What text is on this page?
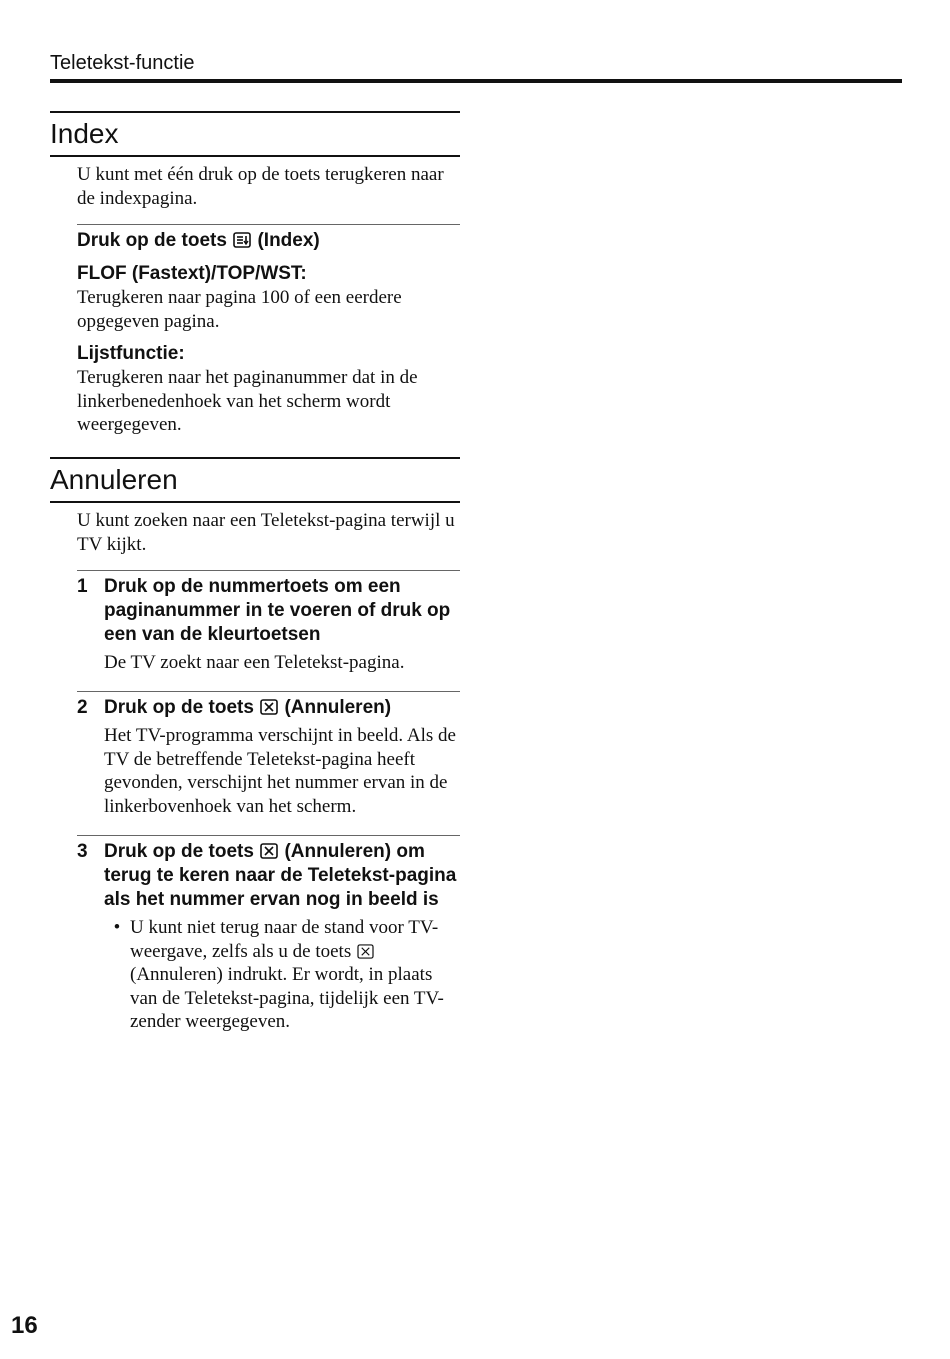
Teletekst-functie
Index
U kunt met één druk op de toets terugkeren naar de indexpagina.
Druk op de toets (Index)
FLOF (Fastext)/TOP/WST:
Terugkeren naar pagina 100 of een eerdere opgegeven pagina.
Lijstfunctie:
Terugkeren naar het paginanummer dat in de linkerbenedenhoek van het scherm wordt weergegeven.
Annuleren
U kunt zoeken naar een Teletekst-pagina terwijl u TV kijkt.
1 Druk op de nummertoets om een paginanummer in te voeren of druk op een van de kleurtoetsen
De TV zoekt naar een Teletekst-pagina.
2 Druk op de toets (Annuleren)
Het TV-programma verschijnt in beeld. Als de TV de betreffende Teletekst-pagina heeft gevonden, verschijnt het nummer ervan in de linkerbovenhoek van het scherm.
3 Druk op de toets (Annuleren) om terug te keren naar de Teletekst-pagina als het nummer ervan nog in beeld is
• U kunt niet terug naar de stand voor TV-weergave, zelfs als u de toets  (Annuleren) indrukt. Er wordt, in plaats van de Teletekst-pagina, tijdelijk een TV-zender weergegeven.
16
